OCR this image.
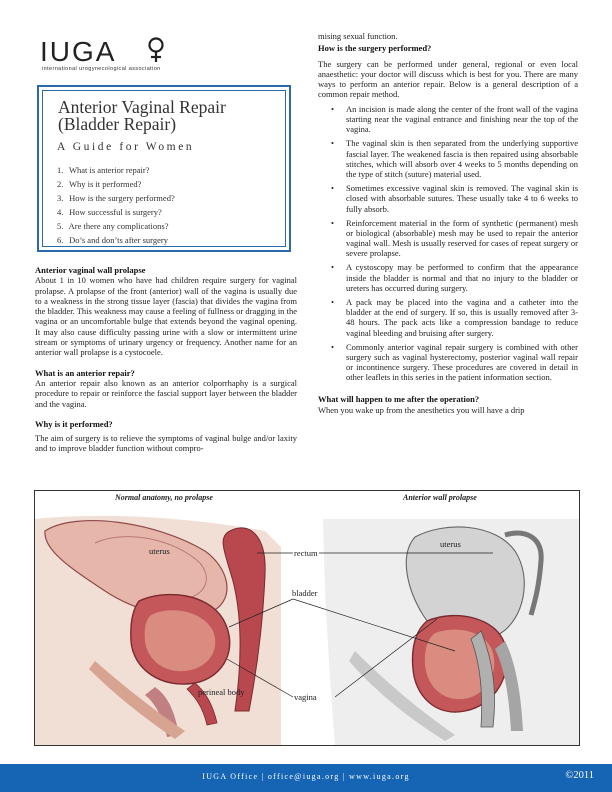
IUGA
international urogynecological association
Anterior Vaginal Repair
(Bladder Repair)
A Guide for Women
1. What is anterior repair?
2. Why is it performed?
3. How is the surgery performed?
4. How successful is surgery?
5. Are there any complications?
6. Do’s and don’ts after surgery
Anterior vaginal wall prolapse

About 1 in 10 women who have had children require surgery for vaginal prolapse. A prolapse of the front (anterior) wall of the vagina is usually due to a weakness in the strong tissue layer (fascia) that divides the vagina from the bladder. This weakness may cause a feeling of fullness or dragging in the vagina or an uncomfortable bulge that extends beyond the vaginal opening. It may also cause difficulty passing urine with a slow or intermittent urine stream or symptoms of urinary urgency or frequency. Another name for an anterior wall prolapse is a cystocoele.

What is an anterior repair?

An anterior repair also known as an anterior colporrhaphy is a surgical procedure to repair or reinforce the fascial support layer between the bladder and the vagina.

Why is it performed?

The aim of surgery is to relieve the symptoms of vaginal bulge and/or laxity and to improve bladder function without compro-

mising sexual function.

How is the surgery performed?

The surgery can be performed under general, regional or even local anaesthetic: your doctor will discuss which is best for you. There are many ways to perform an anterior repair. Below is a general description of a common repair method.

• An incision is made along the center of the front wall of the vagina starting near the vaginal entrance and finishing near the top of the vagina.
• The vaginal skin is then separated from the underlying supportive fascial layer. The weakened fascia is then repaired using absorbable stitches, which will absorb over 4 weeks to 5 months depending on the type of stitch (suture) material used.
• Sometimes excessive vaginal skin is removed. The vaginal skin is closed with absorbable sutures. These usually take 4 to 6 weeks to fully absorb.
• Reinforcement material in the form of synthetic (permanent) mesh or biological (absorbable) mesh may be used to repair the anterior vaginal wall. Mesh is usually reserved for cases of repeat surgery or severe prolapse.
• A cystoscopy may be performed to confirm that the appearance inside the bladder is normal and that no injury to the bladder or ureters has occurred during surgery.
• A pack may be placed into the vagina and a catheter into the bladder at the end of surgery. If so, this is usually removed after 3-48 hours. The pack acts like a compression bandage to reduce vaginal bleeding and bruising after surgery.
• Commonly anterior vaginal repair surgery is combined with other surgery such as vaginal hysterectomy, posterior vaginal wall repair or incontinence surgery. These procedures are covered in detail in other leaflets in this series in the patient information section.
What will happen to me after the operation?

When you wake up from the anesthetics you will have a drip

Normal anatomy, no prolapse	Anterior wall prolapse
uterus
uterus
rectum
bladder
perineal body	vagina
IUGA Office | office@iuga.org | www.iuga.org	©2011
